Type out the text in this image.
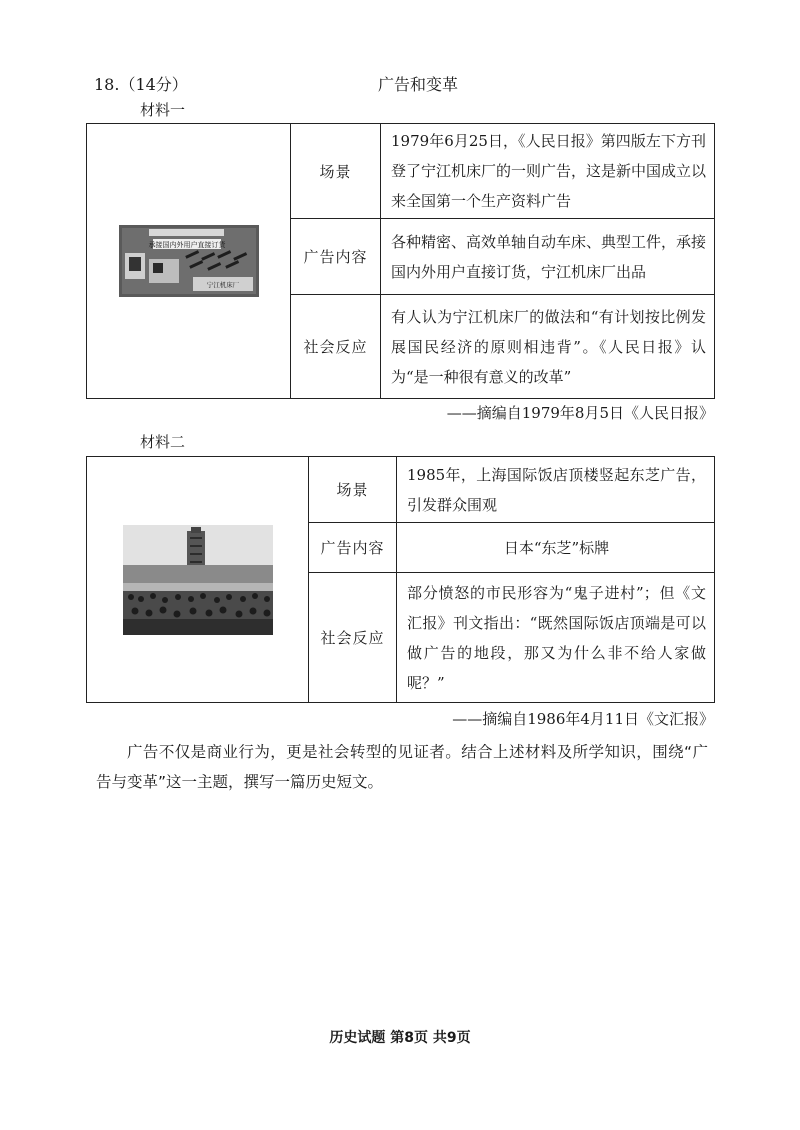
18.（14分）	广告和变革
材料一
承接国内外用户直接订货
宁江机床厂	场景	1979年6月25日，《人民日报》第四版左下方刊登了宁江机床厂的一则广告，这是新中国成立以来全国第一个生产资料广告
	广告内容	各种精密、高效单轴自动车床、典型工件，承接国内外用户直接订货，宁江机床厂出品
	社会反应	有人认为宁江机床厂的做法和“有计划按比例发展国民经济的原则相违背”。《人民日报》认为“是一种很有意义的改革”
——摘编自1979年8月5日《人民日报》
材料二
	场景	1985年，上海国际饭店顶楼竖起东芝广告，引发群众围观
	广告内容	日本“东芝”标牌
	社会反应	部分愤怒的市民形容为“鬼子进村”；但《文汇报》刊文指出：“既然国际饭店顶端是可以做广告的地段，那又为什么非不给人家做呢？”
——摘编自1986年4月11日《文汇报》
广告不仅是商业行为，更是社会转型的见证者。结合上述材料及所学知识，围绕“广告与变革”这一主题，撰写一篇历史短文。
历史试题 第8页 共9页
